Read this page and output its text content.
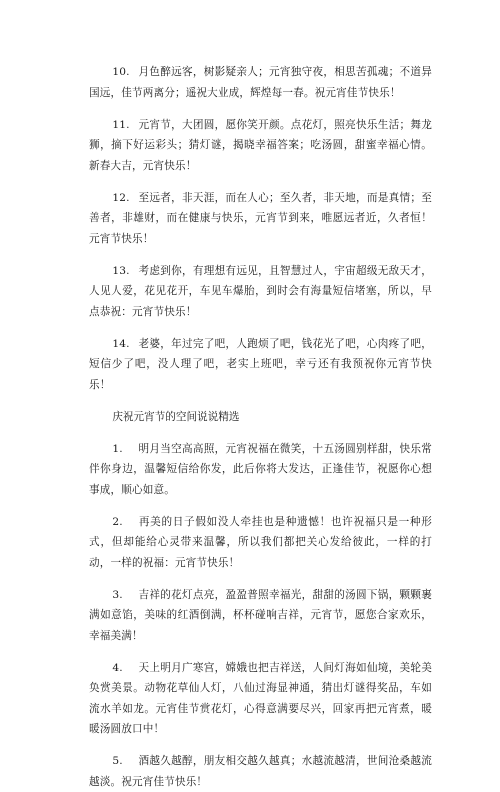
10. 月色醉远客，树影疑亲人；元宵独守夜，相思苦孤魂；不道异国远，佳节两离分；遥祝大业成，辉煌每一春。祝元宵佳节快乐！

11. 元宵节，大团圆，愿你笑开颜。点花灯，照亮快乐生活；舞龙狮，摘下好运彩头；猜灯谜，揭晓幸福答案；吃汤圆，甜蜜幸福心情。新春大吉，元宵快乐！

12. 至远者，非天涯，而在人心；至久者，非天地，而是真情；至善者，非雄财，而在健康与快乐，元宵节到来，唯愿远者近，久者恒！元宵节快乐！

13. 考虑到你，有理想有远见，且智慧过人，宇宙超级无敌天才，人见人爱，花见花开，车见车爆胎，到时会有海量短信堵塞，所以，早点恭祝：元宵节快乐！

14. 老婆，年过完了吧，人跑烦了吧，钱花光了吧，心肉疼了吧，短信少了吧，没人理了吧，老实上班吧，幸亏还有我预祝你元宵节快乐！

庆祝元宵节的空间说说精选

1. 明月当空高高照，元宵祝福在微笑，十五汤圆别样甜，快乐常伴你身边，温馨短信给你发，此后你将大发达，正逢佳节，祝愿你心想事成，顺心如意。

2. 再美的日子假如没人牵挂也是种遗憾！也许祝福只是一种形式，但却能给心灵带来温馨，所以我们都把关心发给彼此，一样的打动，一样的祝福：元宵节快乐！

3. 吉祥的花灯点亮，盈盈普照幸福光，甜甜的汤圆下锅，颗颗裹满如意馅，美味的红酒倒满，杯杯碰响吉祥，元宵节，愿您合家欢乐，幸福美满！

4. 天上明月广寒宫，嫦娥也把吉祥送，人间灯海如仙境，美轮美奂赏美景。动物花草仙人灯，八仙过海显神通，猜出灯谜得奖品，车如流水羊如龙。元宵佳节赏花灯，心得意满要尽兴，回家再把元宵煮，暖暖汤圆放口中！

5. 酒越久越醇，朋友相交越久越真；水越流越清，世间沧桑越流越淡。祝元宵佳节快乐！
